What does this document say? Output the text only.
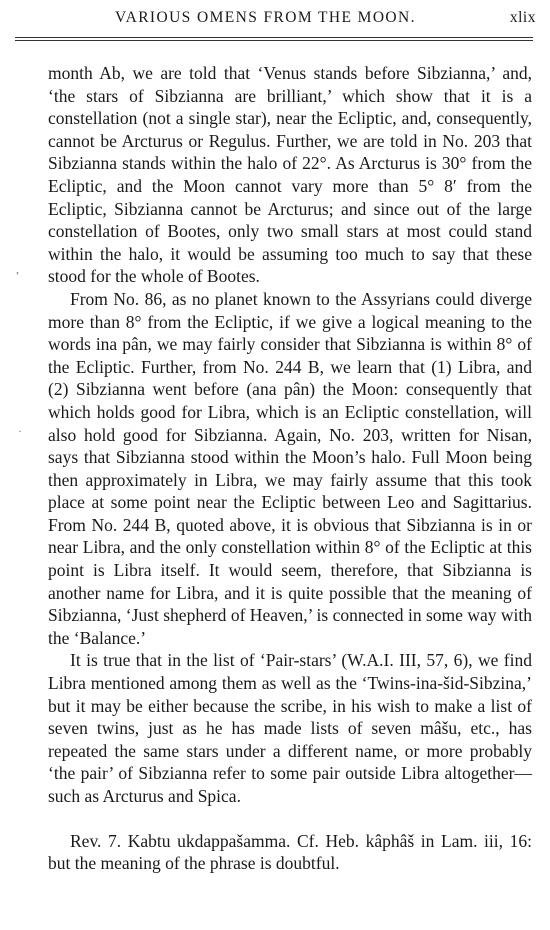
VARIOUS OMENS FROM THE MOON.	xlix
,
·

month Ab, we are told that ‘Venus stands before Sibzianna,’ and, ‘the stars of Sibzianna are brilliant,’ which show that it is a constellation (not a single star), near the Ecliptic, and, consequently, cannot be Arcturus or Regulus. Further, we are told in No. 203 that Sibzianna stands within the halo of 22°. As Arcturus is 30° from the Ecliptic, and the Moon cannot vary more than 5° 8′ from the Ecliptic, Sibzianna cannot be Arcturus; and since out of the large constellation of Bootes, only two small stars at most could stand within the halo, it would be assuming too much to say that these stood for the whole of Bootes.

From No. 86, as no planet known to the Assyrians could diverge more than 8° from the Ecliptic, if we give a logical meaning to the words ina pân, we may fairly consider that Sibzianna is within 8° of the Ecliptic. Further, from No. 244 B, we learn that (1) Libra, and (2) Sibzianna went before (ana pân) the Moon: consequently that which holds good for Libra, which is an Ecliptic constellation, will also hold good for Sibzianna. Again, No. 203, written for Nisan, says that Sibzianna stood within the Moon’s halo. Full Moon being then approximately in Libra, we may fairly assume that this took place at some point near the Ecliptic between Leo and Sagittarius. From No. 244 B, quoted above, it is obvious that Sibzianna is in or near Libra, and the only constellation within 8° of the Ecliptic at this point is Libra itself. It would seem, therefore, that Sibzianna is another name for Libra, and it is quite possible that the meaning of Sibzianna, ‘Just shepherd of Heaven,’ is connected in some way with the ‘Balance.’

It is true that in the list of ‘Pair-stars’ (W.A.I. III, 57, 6), we find Libra mentioned among them as well as the ‘Twins-ina-šid-Sibzina,’ but it may be either because the scribe, in his wish to make a list of seven twins, just as he has made lists of seven mâšu, etc., has repeated the same stars under a different name, or more probably ‘the pair’ of Sibzianna refer to some pair outside Libra altogether—such as Arcturus and Spica.

Rev. 7. Kabtu ukdappašamma. Cf. Heb. kâphâš in Lam. iii, 16: but the meaning of the phrase is doubtful.
